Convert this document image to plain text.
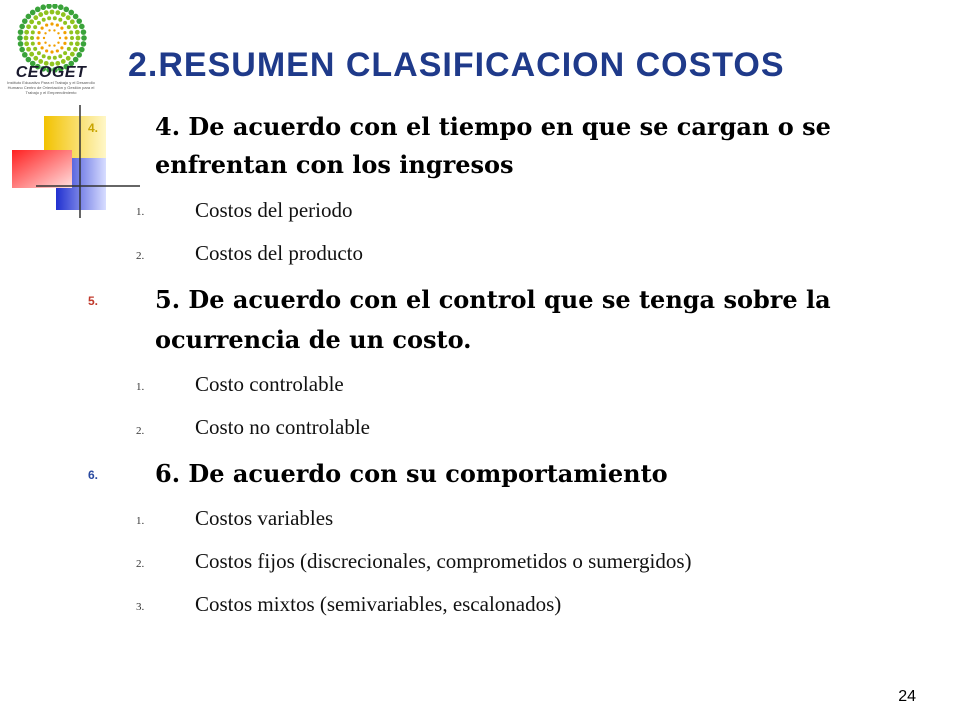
CEOGET
Instituto Educativo Para el Trabajo y el Desarrollo Humano Centro de Orientación y Gestión para el Trabajo y el Emprendimiento
2.RESUMEN CLASIFICACION COSTOS
4. 4. De acuerdo con el tiempo en que se cargan o se
enfrentan con los ingresos
1. Costos del periodo
2. Costos del producto
5. 5. De acuerdo con el control que se tenga sobre la
ocurrencia de un costo.
1. Costo controlable
2. Costo no controlable
6. 6. De acuerdo con su comportamiento
1. Costos variables
2. Costos fijos (discrecionales, comprometidos o sumergidos)
3. Costos mixtos (semivariables, escalonados)
24
